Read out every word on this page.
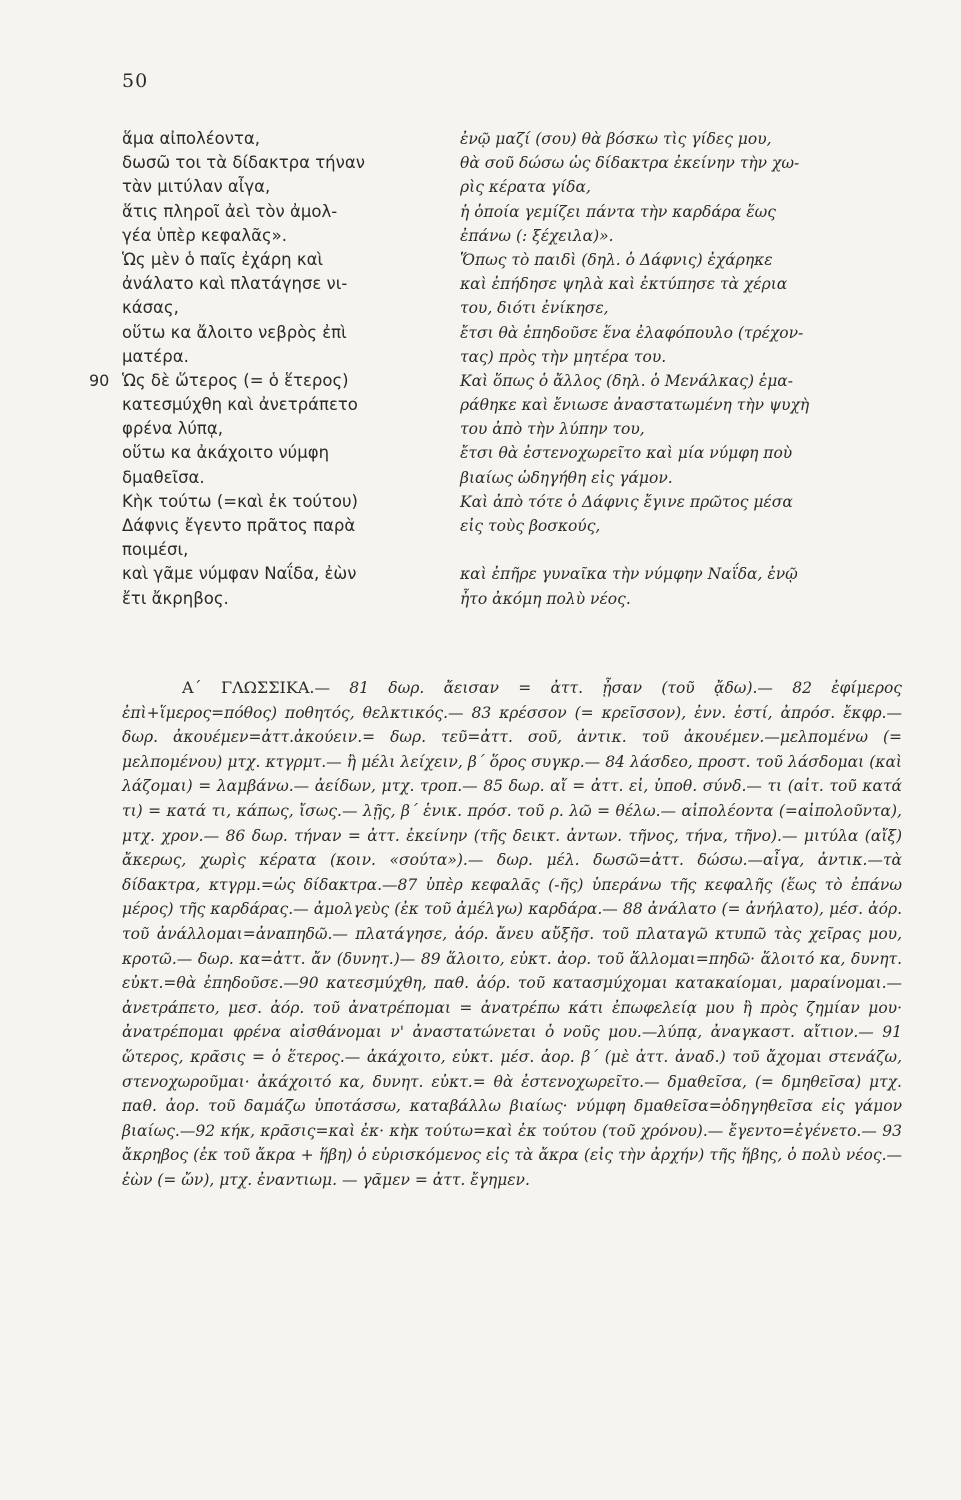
50
ἅμα αἰπολέοντα,
δωσῶ τοι τὰ δίδακτρα τήναν
τὰν μιτύλαν αἶγα,
ἅτις πληροῖ ἀεὶ τὸν ἀμολ-
γέα ὑπὲρ κεφαλᾶς».
Ὡς μὲν ὁ παῖς ἐχάρη καὶ
ἀνάλατο καὶ πλατάγησε νι-
κάσας,
οὕτω κα ἄλοιτο νεβρὸς ἐπὶ
ματέρα.
90 Ὡς δὲ ὥτερος (= ὁ ἕτερος)
κατεσμύχθη καὶ ἀνετράπετο
φρένα λύπᾳ,
οὕτω κα ἀκάχοιτο νύμφη
δμαθεῖσα.
Κὴκ τούτω (=καὶ ἐκ τούτου)
Δάφνις ἔγεντο πρᾶτος παρὰ
ποιμέσι,
καὶ γᾶμε νύμφαν Ναΐδα, ἐὼν
ἔτι ἄκρηβος.
ἐνῷ μαζί (σου) θὰ βόσκω τὶς γίδες μου,
θὰ σοῦ δώσω ὡς δίδακτρα ἐκείνην τὴν χω-
ρὶς κέρατα γίδα,
ἡ ὁποία γεμίζει πάντα τὴν καρδάρα ἕως
ἐπάνω (: ξέχειλα)».
Ὅπως τὸ παιδὶ (δηλ. ὁ Δάφνις) ἐχάρηκε
καὶ ἐπήδησε ψηλὰ καὶ ἐκτύπησε τὰ χέρια
του, διότι ἐνίκησε,
ἔτσι θὰ ἐπηδοῦσε ἕνα ἐλαφόπουλο (τρέχον-
τας) πρὸς τὴν μητέρα του.
Καὶ ὅπως ὁ ἄλλος (δηλ. ὁ Μενάλκας) ἐμα-
ράθηκε καὶ ἔνιωσε ἀναστατωμένη τὴν ψυχὴ
του ἀπὸ τὴν λύπην του,
ἔτσι θὰ ἐστενοχωρεῖτο καὶ μία νύμφη ποὺ
βιαίως ὡδηγήθη εἰς γάμον.
Καὶ ἀπὸ τότε ὁ Δάφνις ἔγινε πρῶτος μέσα
εἰς τοὺς βοσκούς,
καὶ ἐπῆρε γυναῖκα τὴν νύμφην Ναΐδα, ἐνῷ
ἦτο ἀκόμη πολὺ νέος.

Α΄ ΓΛΩΣΣΙΚΑ.— 81 δωρ. ἄεισαν = ἀττ. ᾖσαν (τοῦ ᾄδω).— 82 ἐφίμερος ἐπὶ+ἵμερος=πόθος) ποθητός, θελκτικός.— 83 κρέσσον (= κρεῖσσον), ἐνν. ἐστί, ἀπρόσ. ἔκφρ.—δωρ. ἀκουέμεν=ἀττ.ἀκούειν.= δωρ. τεῦ=ἀττ. σοῦ, ἀντικ. τοῦ ἀκουέμεν.—μελπομένω (= μελπομένου) μτχ. κτγρμτ.— ἢ μέλι λείχειν, β΄ ὅρος συγκρ.— 84 λάσδεο, προστ. τοῦ λάσδομαι (καὶ λάζομαι) = λαμβάνω.— ἀείδων, μτχ. τροπ.— 85 δωρ. αἴ = ἀττ. εἰ, ὑποθ. σύνδ.— τι (αἰτ. τοῦ κατά τι) = κατά τι, κάπως, ἴσως.— λῇς, β΄ ἑνικ. πρόσ. τοῦ ρ. λῶ = θέλω.— αἰπολέοντα (=αἰπολοῦντα), μτχ. χρον.— 86 δωρ. τήναν = ἀττ. ἐκείνην (τῆς δεικτ. ἀντων. τῆνος, τήνα, τῆνο).— μιτύλα (αἴξ) ἄκερως, χωρὶς κέρατα (κοιν. «σούτα»).— δωρ. μέλ. δωσῶ=ἀττ. δώσω.—αἶγα, ἀντικ.—τὰ δίδακτρα, κτγρμ.=ὡς δίδακτρα.—87 ὑπὲρ κεφαλᾶς (-ῆς) ὑπεράνω τῆς κεφαλῆς (ἕως τὸ ἐπάνω μέρος) τῆς καρδάρας.— ἀμολγεὺς (ἐκ τοῦ ἀμέλγω) καρδάρα.— 88 ἀνάλατο (= ἀνήλατο), μέσ. ἀόρ. τοῦ ἀνάλλομαι=ἀναπηδῶ.— πλατάγησε, ἀόρ. ἄνευ αὔξῆσ. τοῦ πλαταγῶ κτυπῶ τὰς χεῖρας μου, κροτῶ.— δωρ. κα=ἀττ. ἄν (δυνητ.)— 89 ἅλοιτο, εὐκτ. ἀορ. τοῦ ἅλλομαι=πηδῶ· ἅλοιτό κα, δυνητ. εὐκτ.=θὰ ἐπηδοῦσε.—90 κατεσμύχθη, παθ. ἀόρ. τοῦ κατασμύχομαι κατακαίομαι, μαραίνομαι.—ἀνετράπετο, μεσ. ἀόρ. τοῦ ἀνατρέπομαι = ἀνατρέπω κάτι ἐπωφελείᾳ μου ἢ πρὸς ζημίαν μου· ἀνατρέπομαι φρένα αἰσθάνομαι ν' ἀναστατώνεται ὁ νοῦς μου.—λύπᾳ, ἀναγκαστ. αἴτιον.— 91 ὥτερος, κρᾶσις = ὁ ἕτερος.— ἀκάχοιτο, εὐκτ. μέσ. ἀορ. β΄ (μὲ ἀττ. ἀναδ.) τοῦ ἄχομαι στενάζω, στενοχωροῦμαι· ἀκάχοιτό κα, δυνητ. εὐκτ.= θὰ ἐστενοχωρεῖτο.— δμαθεῖσα, (= δμηθεῖσα) μτχ. παθ. ἀορ. τοῦ δαμάζω ὑποτάσσω, καταβάλλω βιαίως· νύμφη δμαθεῖσα=ὁδηγηθεῖσα εἰς γάμον βιαίως.—92 κήκ, κρᾶσις=καὶ ἐκ· κὴκ τούτω=καὶ ἐκ τούτου (τοῦ χρόνου).— ἔγεντο=ἐγένετο.— 93 ἄκρηβος (ἐκ τοῦ ἄκρα + ἥβη) ὁ εὑρισκόμενος εἰς τὰ ἄκρα (εἰς τὴν ἀρχήν) τῆς ἥβης, ὁ πολὺ νέος.— ἐὼν (= ὤν), μτχ. ἐναντιωμ. — γᾶμεν = ἀττ. ἔγημεν.
